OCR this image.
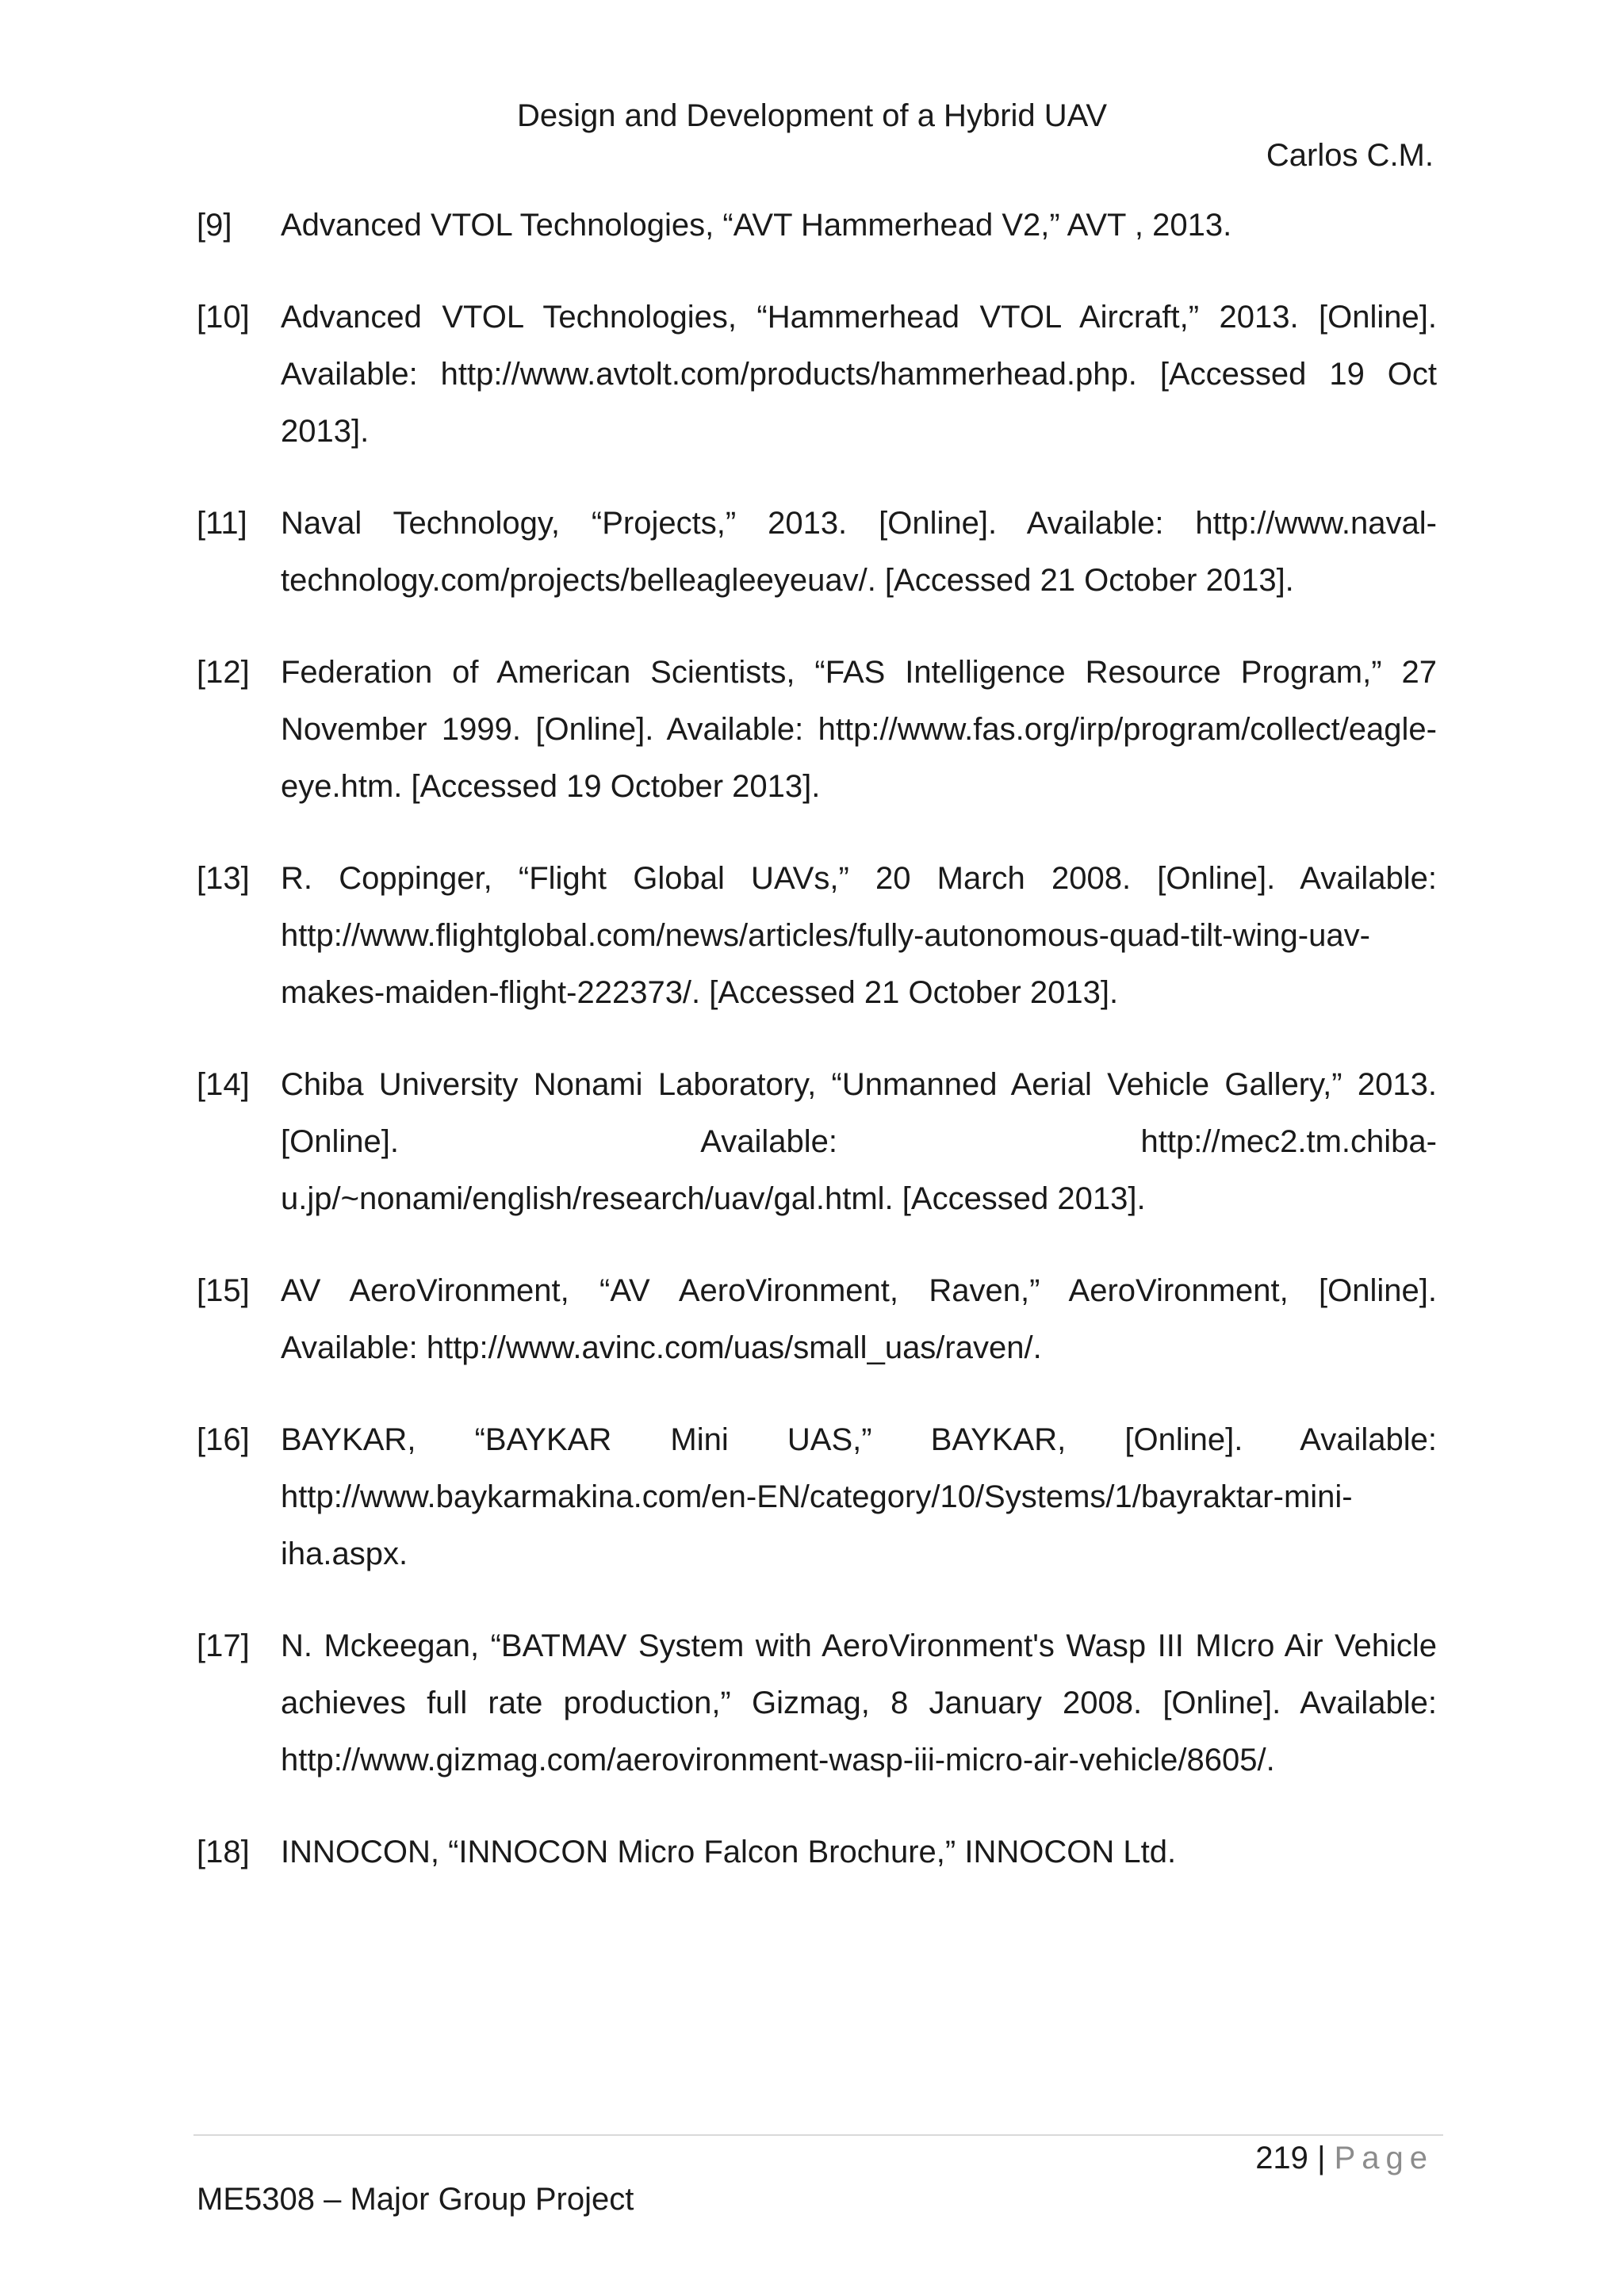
Design and Development of a Hybrid UAV
Carlos C.M.
[9]	Advanced VTOL Technologies, “AVT Hammerhead V2,” AVT , 2013.
[10] Advanced VTOL Technologies, “Hammerhead VTOL Aircraft,” 2013. [Online]. Available: http://www.avtolt.com/products/hammerhead.php. [Accessed 19 Oct 2013].
[11]	Naval Technology, “Projects,” 2013. [Online]. Available: http://www.naval-technology.com/projects/belleagleeyeuav/. [Accessed 21 October 2013].
[12] Federation of American Scientists, “FAS Intelligence Resource Program,” 27 November 1999. [Online]. Available: http://www.fas.org/irp/program/collect/eagle-eye.htm. [Accessed 19 October 2013].
[13] R. Coppinger, “Flight Global UAVs,” 20 March 2008. [Online]. Available: http://www.flightglobal.com/news/articles/fully-autonomous-quad-tilt-wing-uav-makes-maiden-flight-222373/. [Accessed 21 October 2013].
[14] Chiba University Nonami Laboratory, “Unmanned Aerial Vehicle Gallery,” 2013. [Online]. Available: http://mec2.tm.chiba-u.jp/~nonami/english/research/uav/gal.html. [Accessed 2013].
[15] AV AeroVironment, “AV AeroVironment, Raven,” AeroVironment, [Online]. Available: http://www.avinc.com/uas/small_uas/raven/.
[16] BAYKAR, “BAYKAR Mini UAS,” BAYKAR, [Online]. Available: http://www.baykarmakina.com/en-EN/category/10/Systems/1/bayraktar-mini-iha.aspx.
[17] N. Mckeegan, “BATMAV System with AeroVironment's Wasp III MIcro Air Vehicle achieves full rate production,” Gizmag, 8 January 2008. [Online]. Available: http://www.gizmag.com/aerovironment-wasp-iii-micro-air-vehicle/8605/.
[18] INNOCON, “INNOCON Micro Falcon Brochure,” INNOCON Ltd.
219 | Page
ME5308 – Major Group Project
